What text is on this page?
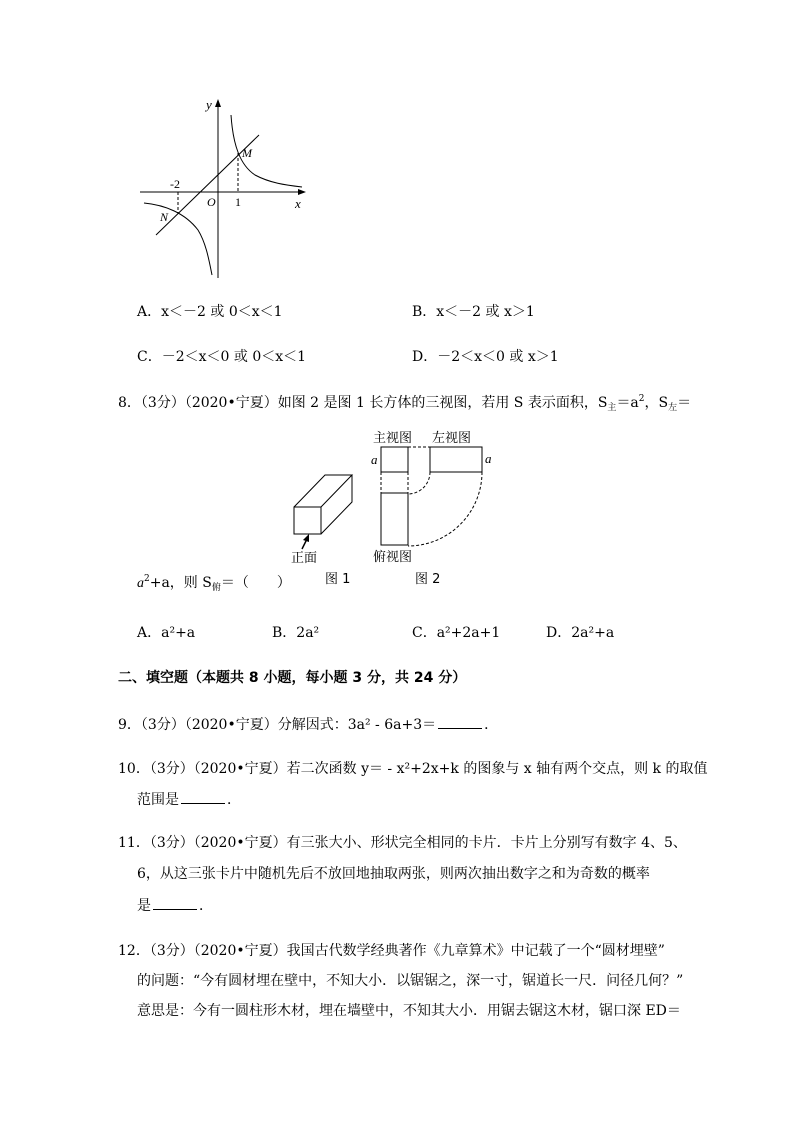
y
x
O
M
N
-2
1
A．x＜－2 或 0＜x＜1	B．x＜－2 或 x＞1
C．－2＜x＜0 或 0＜x＜1	D．－2＜x＜0 或 x＞1
8．（3分）（2020•宁夏）如图 2 是图 1 长方体的三视图，若用 S 表示面积，$S_主=a^2$，$S_左=$
正面
主视图 左视图
a	a
俯视图
图 1	图 2
$a^2+a$，则 $S_俯=$（　　）
A．a²+a	B．2a²	C．a²+2a+1	D．2a²+a
二、填空题（本题共 8 小题，每小题 3 分，共 24 分）
9．（3分）（2020•宁夏）分解因式：3a² - 6a+3＝	．
10．（3分）（2020•宁夏）若二次函数 y＝ - x²+2x+k 的图象与 x 轴有两个交点，则 k 的取值
范围是	．
11．（3分）（2020•宁夏）有三张大小、形状完全相同的卡片．卡片上分别写有数字 4、5、
6，从这三张卡片中随机先后不放回地抽取两张，则两次抽出数字之和为奇数的概率
是	．
12．（3分）（2020•宁夏）我国古代数学经典著作《九章算术》中记载了一个“圆材埋壁”
的问题：“今有圆材埋在壁中，不知大小．以锯锯之，深一寸，锯道长一尺．问径几何？”
意思是：今有一圆柱形木材，埋在墙壁中，不知其大小．用锯去锯这木材，锯口深 ED＝
